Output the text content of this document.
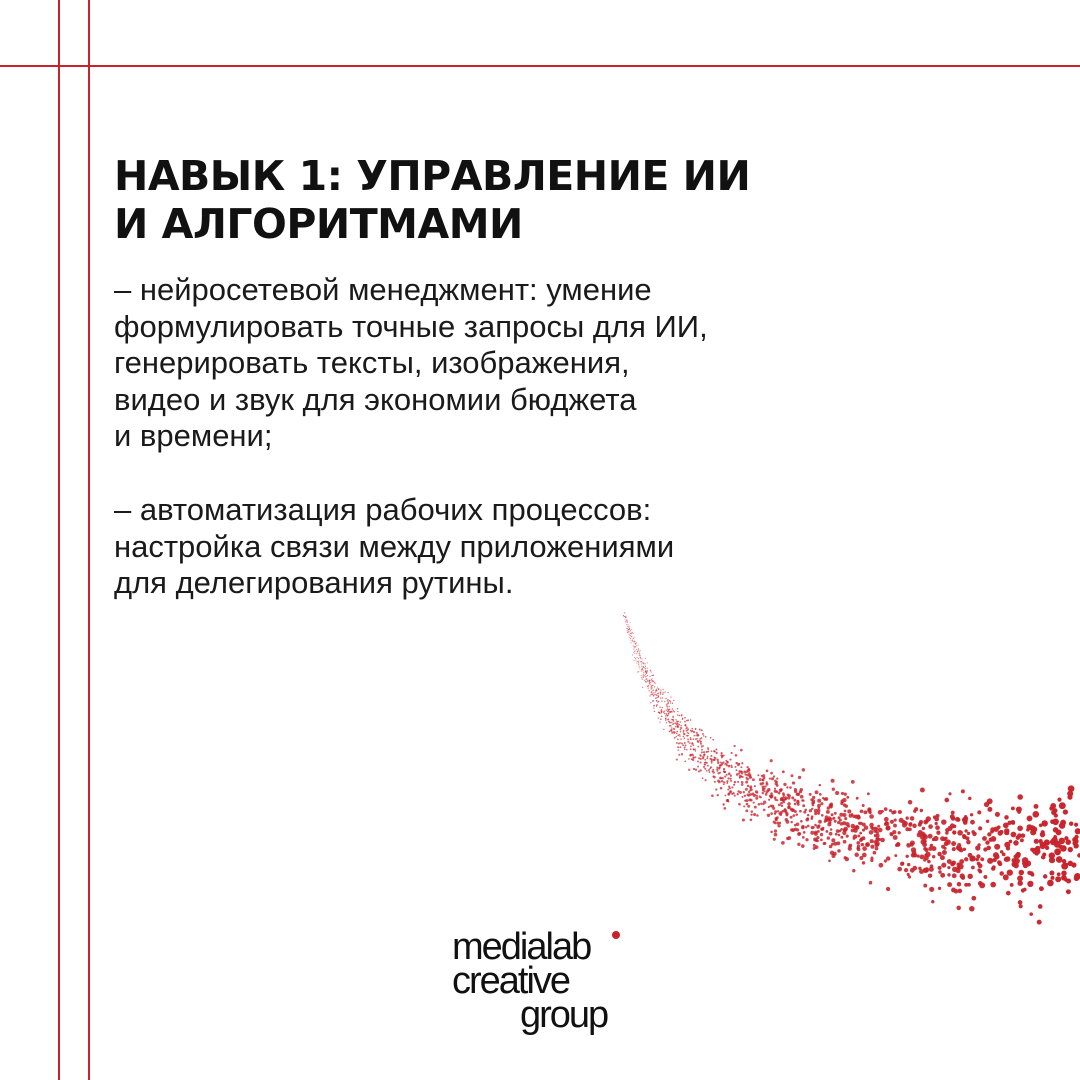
НАВЫК 1: УПРАВЛЕНИЕ ИИ
И АЛГОРИТМАМИ
– нейросетевой менеджмент: умение
формулировать точные запросы для ИИ,
генерировать тексты, изображения,
видео и звук для экономии бюджета
и времени;
– автоматизация рабочих процессов:
настройка связи между приложениями
для делегирования рутины.
medialab
creative
group
